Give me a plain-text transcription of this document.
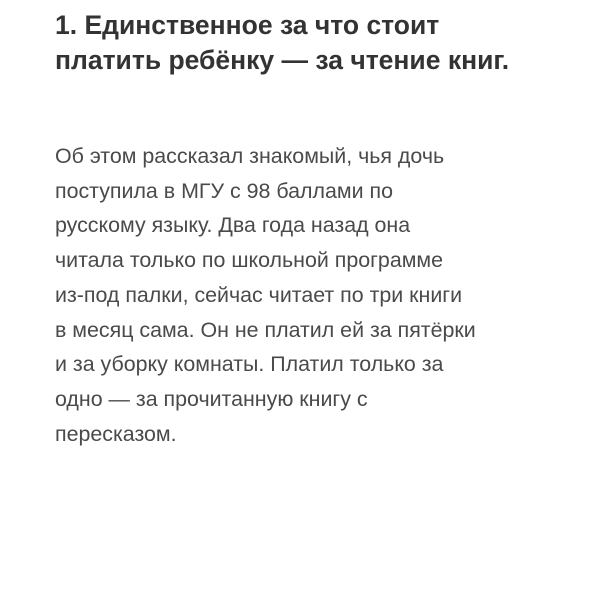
1. Единственное за что стоит
платить ребёнку — за чтение книг.

Об этом рассказал знакомый, чья дочь
поступила в МГУ с 98 баллами по
русскому языку. Два года назад она
читала только по школьной программе
из-под палки, сейчас читает по три книги
в месяц сама. Он не платил ей за пятёрки
и за уборку комнаты. Платил только за
одно — за прочитанную книгу с
пересказом.
